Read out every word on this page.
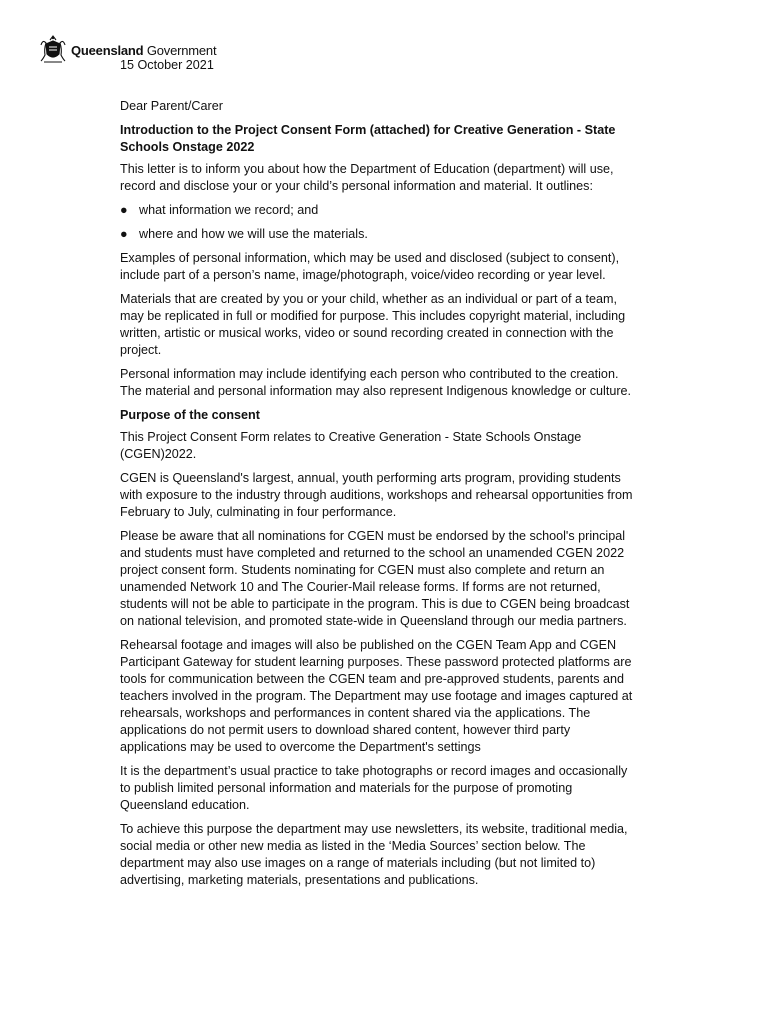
Queensland Government

15 October 2021

Dear Parent/Carer

Introduction to the Project Consent Form (attached) for Creative Generation - State Schools Onstage 2022

This letter is to inform you about how the Department of Education (department) will use, record and disclose your or your child’s personal information and material. It outlines:

● what information we record; and
● where and how we will use the materials.

Examples of personal information, which may be used and disclosed (subject to consent), include part of a person’s name, image/photograph, voice/video recording or year level.

Materials that are created by you or your child, whether as an individual or part of a team, may be replicated in full or modified for purpose. This includes copyright material, including written, artistic or musical works, video or sound recording created in connection with the project.

Personal information may include identifying each person who contributed to the creation. The material and personal information may also represent Indigenous knowledge or culture.

Purpose of the consent

This Project Consent Form relates to Creative Generation - State Schools Onstage (CGEN)2022.

CGEN is Queensland's largest, annual, youth performing arts program, providing students with exposure to the industry through auditions, workshops and rehearsal opportunities from February to July, culminating in four performance.

Please be aware that all nominations for CGEN must be endorsed by the school's principal and students must have completed and returned to the school an unamended CGEN 2022 project consent form. Students nominating for CGEN must also complete and return an unamended Network 10 and The Courier-Mail release forms. If forms are not returned, students will not be able to participate in the program. This is due to CGEN being broadcast on national television, and promoted state-wide in Queensland through our media partners.

Rehearsal footage and images will also be published on the CGEN Team App and CGEN Participant Gateway for student learning purposes. These password protected platforms are tools for communication between the CGEN team and pre-approved students, parents and teachers involved in the program. The Department may use footage and images captured at rehearsals, workshops and performances in content shared via the applications. The applications do not permit users to download shared content, however third party applications may be used to overcome the Department's settings

It is the department’s usual practice to take photographs or record images and occasionally to publish limited personal information and materials for the purpose of promoting Queensland education.

To achieve this purpose the department may use newsletters, its website, traditional media, social media or other new media as listed in the ‘Media Sources’ section below. The department may also use images on a range of materials including (but not limited to) advertising, marketing materials, presentations and publications.
